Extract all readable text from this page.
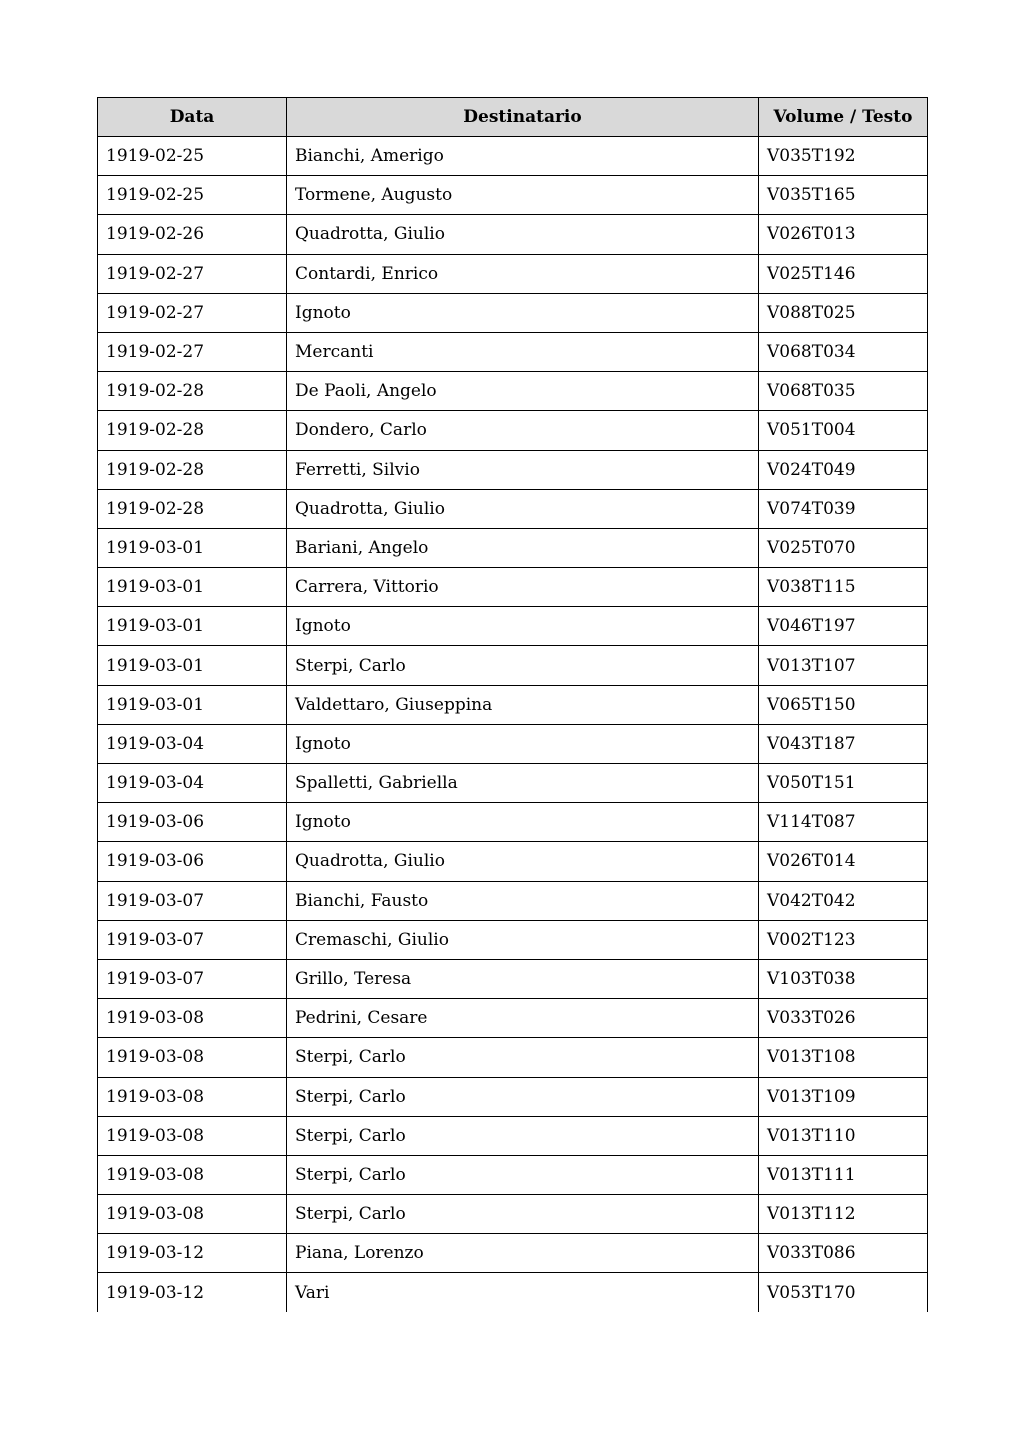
Data	Destinatario	Volume / Testo
1919-02-25	Bianchi, Amerigo	V035T192
1919-02-25	Tormene, Augusto	V035T165
1919-02-26	Quadrotta, Giulio	V026T013
1919-02-27	Contardi, Enrico	V025T146
1919-02-27	Ignoto	V088T025
1919-02-27	Mercanti	V068T034
1919-02-28	De Paoli, Angelo	V068T035
1919-02-28	Dondero, Carlo	V051T004
1919-02-28	Ferretti, Silvio	V024T049
1919-02-28	Quadrotta, Giulio	V074T039
1919-03-01	Bariani, Angelo	V025T070
1919-03-01	Carrera, Vittorio	V038T115
1919-03-01	Ignoto	V046T197
1919-03-01	Sterpi, Carlo	V013T107
1919-03-01	Valdettaro, Giuseppina	V065T150
1919-03-04	Ignoto	V043T187
1919-03-04	Spalletti, Gabriella	V050T151
1919-03-06	Ignoto	V114T087
1919-03-06	Quadrotta, Giulio	V026T014
1919-03-07	Bianchi, Fausto	V042T042
1919-03-07	Cremaschi, Giulio	V002T123
1919-03-07	Grillo, Teresa	V103T038
1919-03-08	Pedrini, Cesare	V033T026
1919-03-08	Sterpi, Carlo	V013T108
1919-03-08	Sterpi, Carlo	V013T109
1919-03-08	Sterpi, Carlo	V013T110
1919-03-08	Sterpi, Carlo	V013T111
1919-03-08	Sterpi, Carlo	V013T112
1919-03-12	Piana, Lorenzo	V033T086
1919-03-12	Vari	V053T170
